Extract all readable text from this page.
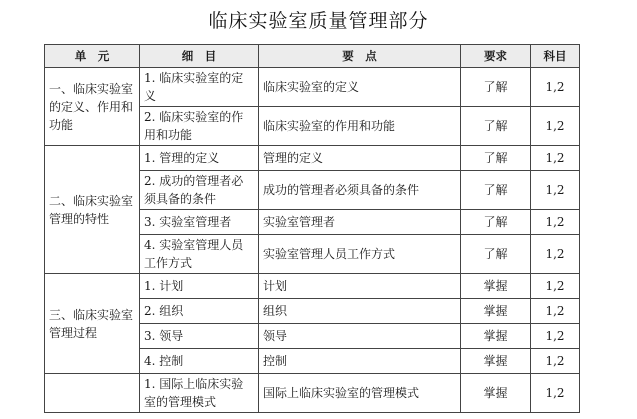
临床实验室质量管理部分
单　元	细　目	要　点	要求	科目
一、临床实验室的定义、作用和功能	1. 临床实验室的定义	临床实验室的定义	了解	1,2
	2. 临床实验室的作用和功能	临床实验室的作用和功能	了解	1,2
二、临床实验室管理的特性	1. 管理的定义	管理的定义	了解	1,2
	2. 成功的管理者必须具备的条件	成功的管理者必须具备的条件	了解	1,2
	3. 实验室管理者	实验室管理者	了解	1,2
	4. 实验室管理人员工作方式	实验室管理人员工作方式	了解	1,2
三、临床实验室管理过程	1. 计划	计划	掌握	1,2
	2. 组织	组织	掌握	1,2
	3. 领导	领导	掌握	1,2
	4. 控制	控制	掌握	1,2
	1. 国际上临床实验室的管理模式	国际上临床实验室的管理模式	掌握	1,2
